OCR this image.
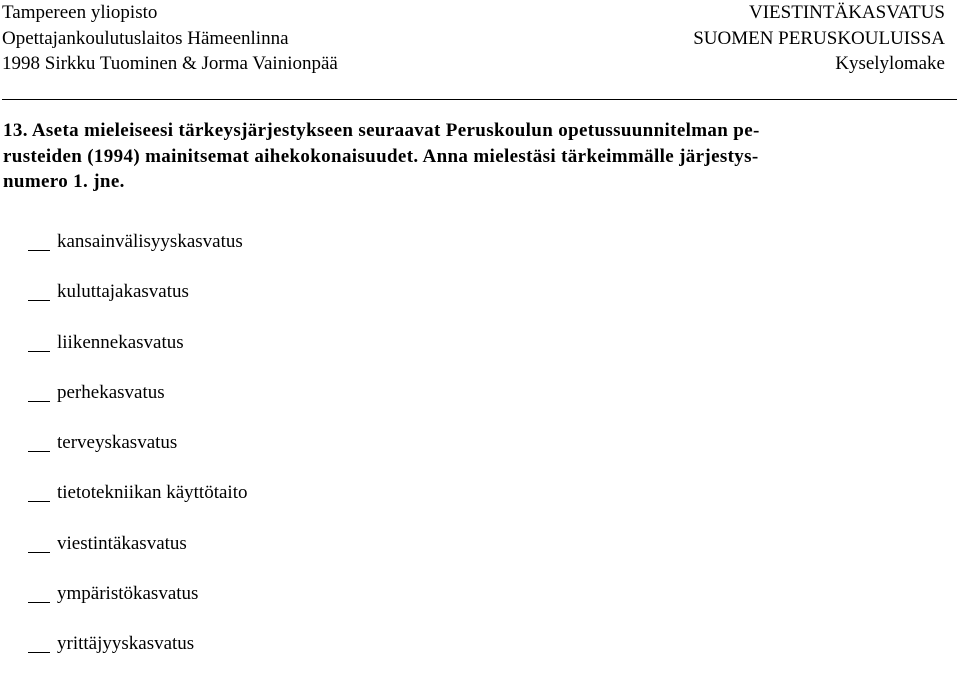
Tampereen yliopisto	VIESTINTÄKASVATUS
Opettajankoulutuslaitos Hämeenlinna	SUOMEN PERUSKOULUISSA
1998 Sirkku Tuominen & Jorma Vainionpää	Kyselylomake
13. Aseta mieleiseesi tärkeysjärjestykseen seuraavat Peruskoulun opetussuunnitelman pe-
rusteiden (1994) mainitsemat aihekokonaisuudet. Anna mielestäsi tärkeimmälle järjestys-
numero 1. jne.
kansainvälisyyskasvatus
kuluttajakasvatus
liikennekasvatus
perhekasvatus
terveyskasvatus
tietotekniikan käyttötaito
viestintäkasvatus
ympäristökasvatus
yrittäjyyskasvatus
